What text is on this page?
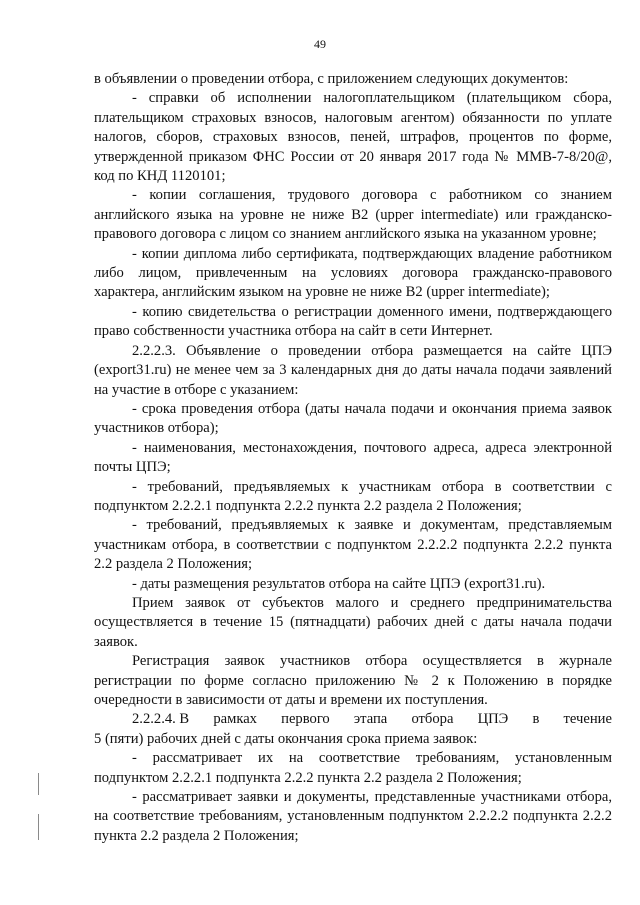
49

в объявлении о проведении отбора, с приложением следующих документов:

- справки об исполнении налогоплательщиком (плательщиком сбора, плательщиком страховых взносов, налоговым агентом) обязанности по уплате налогов, сборов, страховых взносов, пеней, штрафов, процентов по форме, утвержденной приказом ФНС России от 20 января 2017 года № ММВ-7-8/20@, код по КНД 1120101;

- копии соглашения, трудового договора с работником со знанием английского языка на уровне не ниже B2 (upper intermediate) или гражданско-правового договора с лицом со знанием английского языка на указанном уровне;

- копии диплома либо сертификата, подтверждающих владение работником либо лицом, привлеченным на условиях договора гражданско-правового характера, английским языком на уровне не ниже B2 (upper intermediate);

- копию свидетельства о регистрации доменного имени, подтверждающего право собственности участника отбора на сайт в сети Интернет.

2.2.2.3. Объявление о проведении отбора размещается на сайте ЦПЭ (export31.ru) не менее чем за 3 календарных дня до даты начала подачи заявлений на участие в отборе с указанием:

- срока проведения отбора (даты начала подачи и окончания приема заявок участников отбора);

- наименования, местонахождения, почтового адреса, адреса электронной почты ЦПЭ;

- требований, предъявляемых к участникам отбора в соответствии с подпунктом 2.2.2.1 подпункта 2.2.2 пункта 2.2 раздела 2 Положения;

- требований, предъявляемых к заявке и документам, представляемым участникам отбора, в соответствии с подпунктом 2.2.2.2 подпункта 2.2.2 пункта 2.2 раздела 2 Положения;

- даты размещения результатов отбора на сайте ЦПЭ (export31.ru).

Прием заявок от субъектов малого и среднего предпринимательства осуществляется в течение 15 (пятнадцати) рабочих дней с даты начала подачи заявок.

Регистрация заявок участников отбора осуществляется в журнале регистрации по форме согласно приложению № 2 к Положению в порядке очередности в зависимости от даты и времени их поступления.

2.2.2.4. В рамках первого этапа отбора ЦПЭ в течение

5 (пяти) рабочих дней с даты окончания срока приема заявок:

- рассматривает их на соответствие требованиям, установленным подпунктом 2.2.2.1 подпункта 2.2.2 пункта 2.2 раздела 2 Положения;

- рассматривает заявки и документы, представленные участниками отбора, на соответствие требованиям, установленным подпунктом 2.2.2.2 подпункта 2.2.2 пункта 2.2 раздела 2 Положения;
